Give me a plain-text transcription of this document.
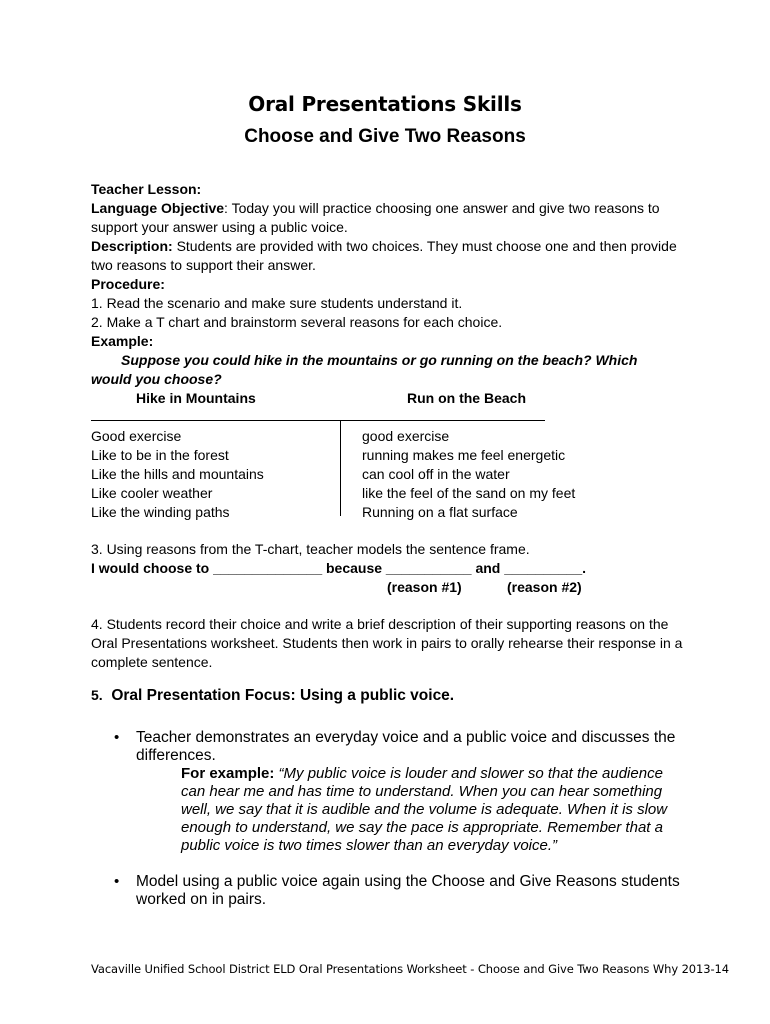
Oral Presentations Skills
Choose and Give Two Reasons
Teacher Lesson:
Language Objective: Today you will practice choosing one answer and give two reasons to
support your answer using a public voice.
Description: Students are provided with two choices. They must choose one and then provide
two reasons to support their answer.
Procedure:
1. Read the scenario and make sure students understand it.
2. Make a T chart and brainstorm several reasons for each choice.
Example:
Suppose you could hike in the mountains or go running on the beach? Which
would you choose?
Hike in Mountains	Run on the Beach
Good exercise
Like to be in the forest
Like the hills and mountains
Like cooler weather
Like the winding paths
good exercise
running makes me feel energetic
can cool off in the water
like the feel of the sand on my feet
Running on a flat surface
3. Using reasons from the T-chart, teacher models the sentence frame.
I would choose to ______________ because ___________ and __________.
(reason #1)	(reason #2)
4. Students record their choice and write a brief description of their supporting reasons on the
Oral Presentations worksheet. Students then work in pairs to orally rehearse their response in a
complete sentence.
5. Oral Presentation Focus: Using a public voice.
• Teacher demonstrates an everyday voice and a public voice and discusses the
differences.
For example: “My public voice is louder and slower so that the audience
can hear me and has time to understand. When you can hear something
well, we say that it is audible and the volume is adequate. When it is slow
enough to understand, we say the pace is appropriate. Remember that a
public voice is two times slower than an everyday voice.”
• Model using a public voice again using the Choose and Give Reasons students
worked on in pairs.
Vacaville Unified School District ELD Oral Presentations Worksheet - Choose and Give Two Reasons Why 2013-14
